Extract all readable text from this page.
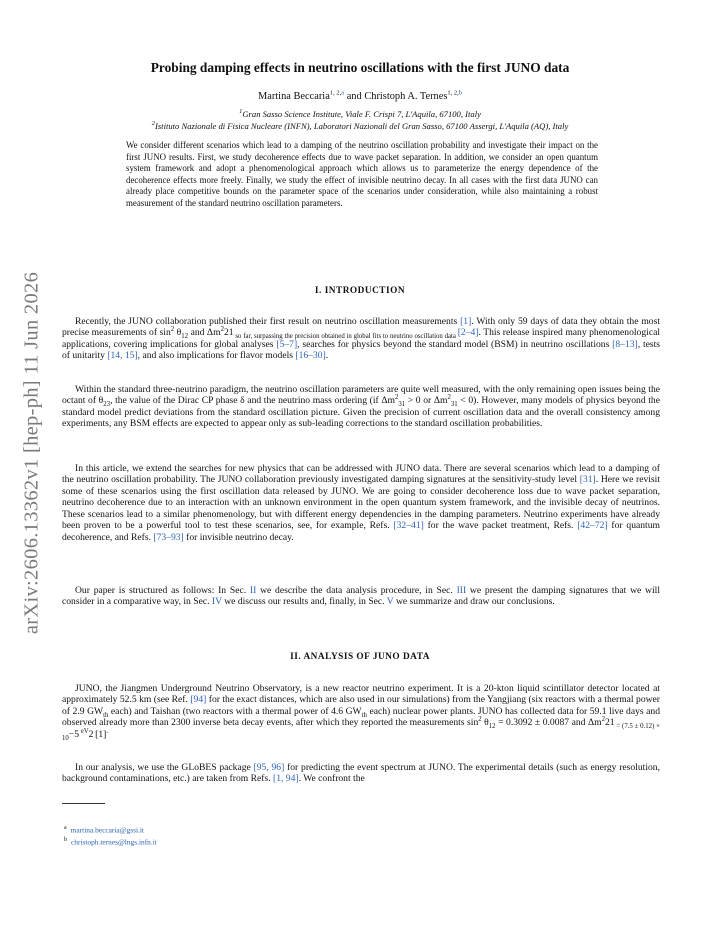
arXiv:2606.13362v1 [hep-ph] 11 Jun 2026
Probing damping effects in neutrino oscillations with the first JUNO data
Martina Beccaria$^{1, 2,a}$ and Christoph A. Ternes$^{1, 2,b}$
$^1$Gran Sasso Science Institute, Viale F. Crispi 7, L'Aquila, 67100, Italy
$^2$Istituto Nazionale di Fisica Nucleare (INFN), Laboratori Nazionali del Gran Sasso, 67100 Assergi, L'Aquila (AQ), Italy

We consider different scenarios which lead to a damping of the neutrino oscillation probability and investigate their impact on the first JUNO results. First, we study decoherence effects due to wave packet separation. In addition, we consider an open quantum system framework and adopt a phenomenological approach which allows us to parameterize the energy dependence of the decoherence effects more freely. Finally, we study the effect of invisible neutrino decay. In all cases with the first data JUNO can already place competitive bounds on the parameter space of the scenarios under consideration, while also maintaining a robust measurement of the standard neutrino oscillation parameters.

I. INTRODUCTION

Recently, the JUNO collaboration published their first result on neutrino oscillation measurements [1]. With only 59 days of data they obtain the most precise measurements of $\sin^2 \theta_{12}$ and $\Delta m^221$ $_{so far, surpassing the precision obtained in global fits to neutrino oscillation data}$ [2–4]. This release inspired many phenomenological applications, covering implications for global analyses [5–7], searches for physics beyond the standard model (BSM) in neutrino oscillations [8–13], tests of unitarity [14, 15], and also implications for flavor models [16–30].

Within the standard three-neutrino paradigm, the neutrino oscillation parameters are quite well measured, with the only remaining open issues being the octant of $\theta_{23}$, the value of the Dirac CP phase δ and the neutrino mass ordering (if $\Delta m^2_{31} > 0$ or $\Delta m^2_{31} < 0$). However, many models of physics beyond the standard model predict deviations from the standard oscillation picture. Given the precision of current oscillation data and the overall consistency among experiments, any BSM effects are expected to appear only as sub-leading corrections to the standard oscillation probabilities.

In this article, we extend the searches for new physics that can be addressed with JUNO data. There are several scenarios which lead to a damping of the neutrino oscillation probability. The JUNO collaboration previously investigated damping signatures at the sensitivity-study level [31]. Here we revisit some of these scenarios using the first oscillation data released by JUNO. We are going to consider decoherence loss due to wave packet separation, neutrino decoherence due to an interaction with an unknown environment in the open quantum system framework, and the invisible decay of neutrinos. These scenarios lead to a similar phenomenology, but with different energy dependencies in the damping parameters. Neutrino experiments have already been proven to be a powerful tool to test these scenarios, see, for example, Refs. [32–41] for the wave packet treatment, Refs. [42–72] for quantum decoherence, and Refs. [73–93] for invisible neutrino decay.

Our paper is structured as follows: In Sec. II we describe the data analysis procedure, in Sec. III we present the damping signatures that we will consider in a comparative way, in Sec. IV we discuss our results and, finally, in Sec. V we summarize and draw our conclusions.

II. ANALYSIS OF JUNO DATA

JUNO, the Jiangmen Underground Neutrino Observatory, is a new reactor neutrino experiment. It is a 20-kton liquid scintillator detector located at approximately 52.5 km (see Ref. [94] for the exact distances, which are also used in our simulations) from the Yangjiang (six reactors with a thermal power of 2.9 $GW_{th}$ each) and Taishan (two reactors with a thermal power of 4.6 $GW_{th}$ each) nuclear power plants. JUNO has collected data for 59.1 live days and observed already more than 2300 inverse beta decay events, after which they reported the measurements $\sin^2 \theta_{12} = 0.3092 \pm 0.0087$ and $\Delta m^221$ $_{= (7.5 \pm 0.12) \times 10}$−5 $^{eV}$2 [1].

In our analysis, we use the GLoBES package [95, 96] for predicting the event spectrum at JUNO. The experimental details (such as energy resolution, background contaminations, etc.) are taken from Refs. [1, 94]. We confront the

$^a$ martina.beccaria@gssi.it
$^b$ christoph.ternes@lngs.infn.it
